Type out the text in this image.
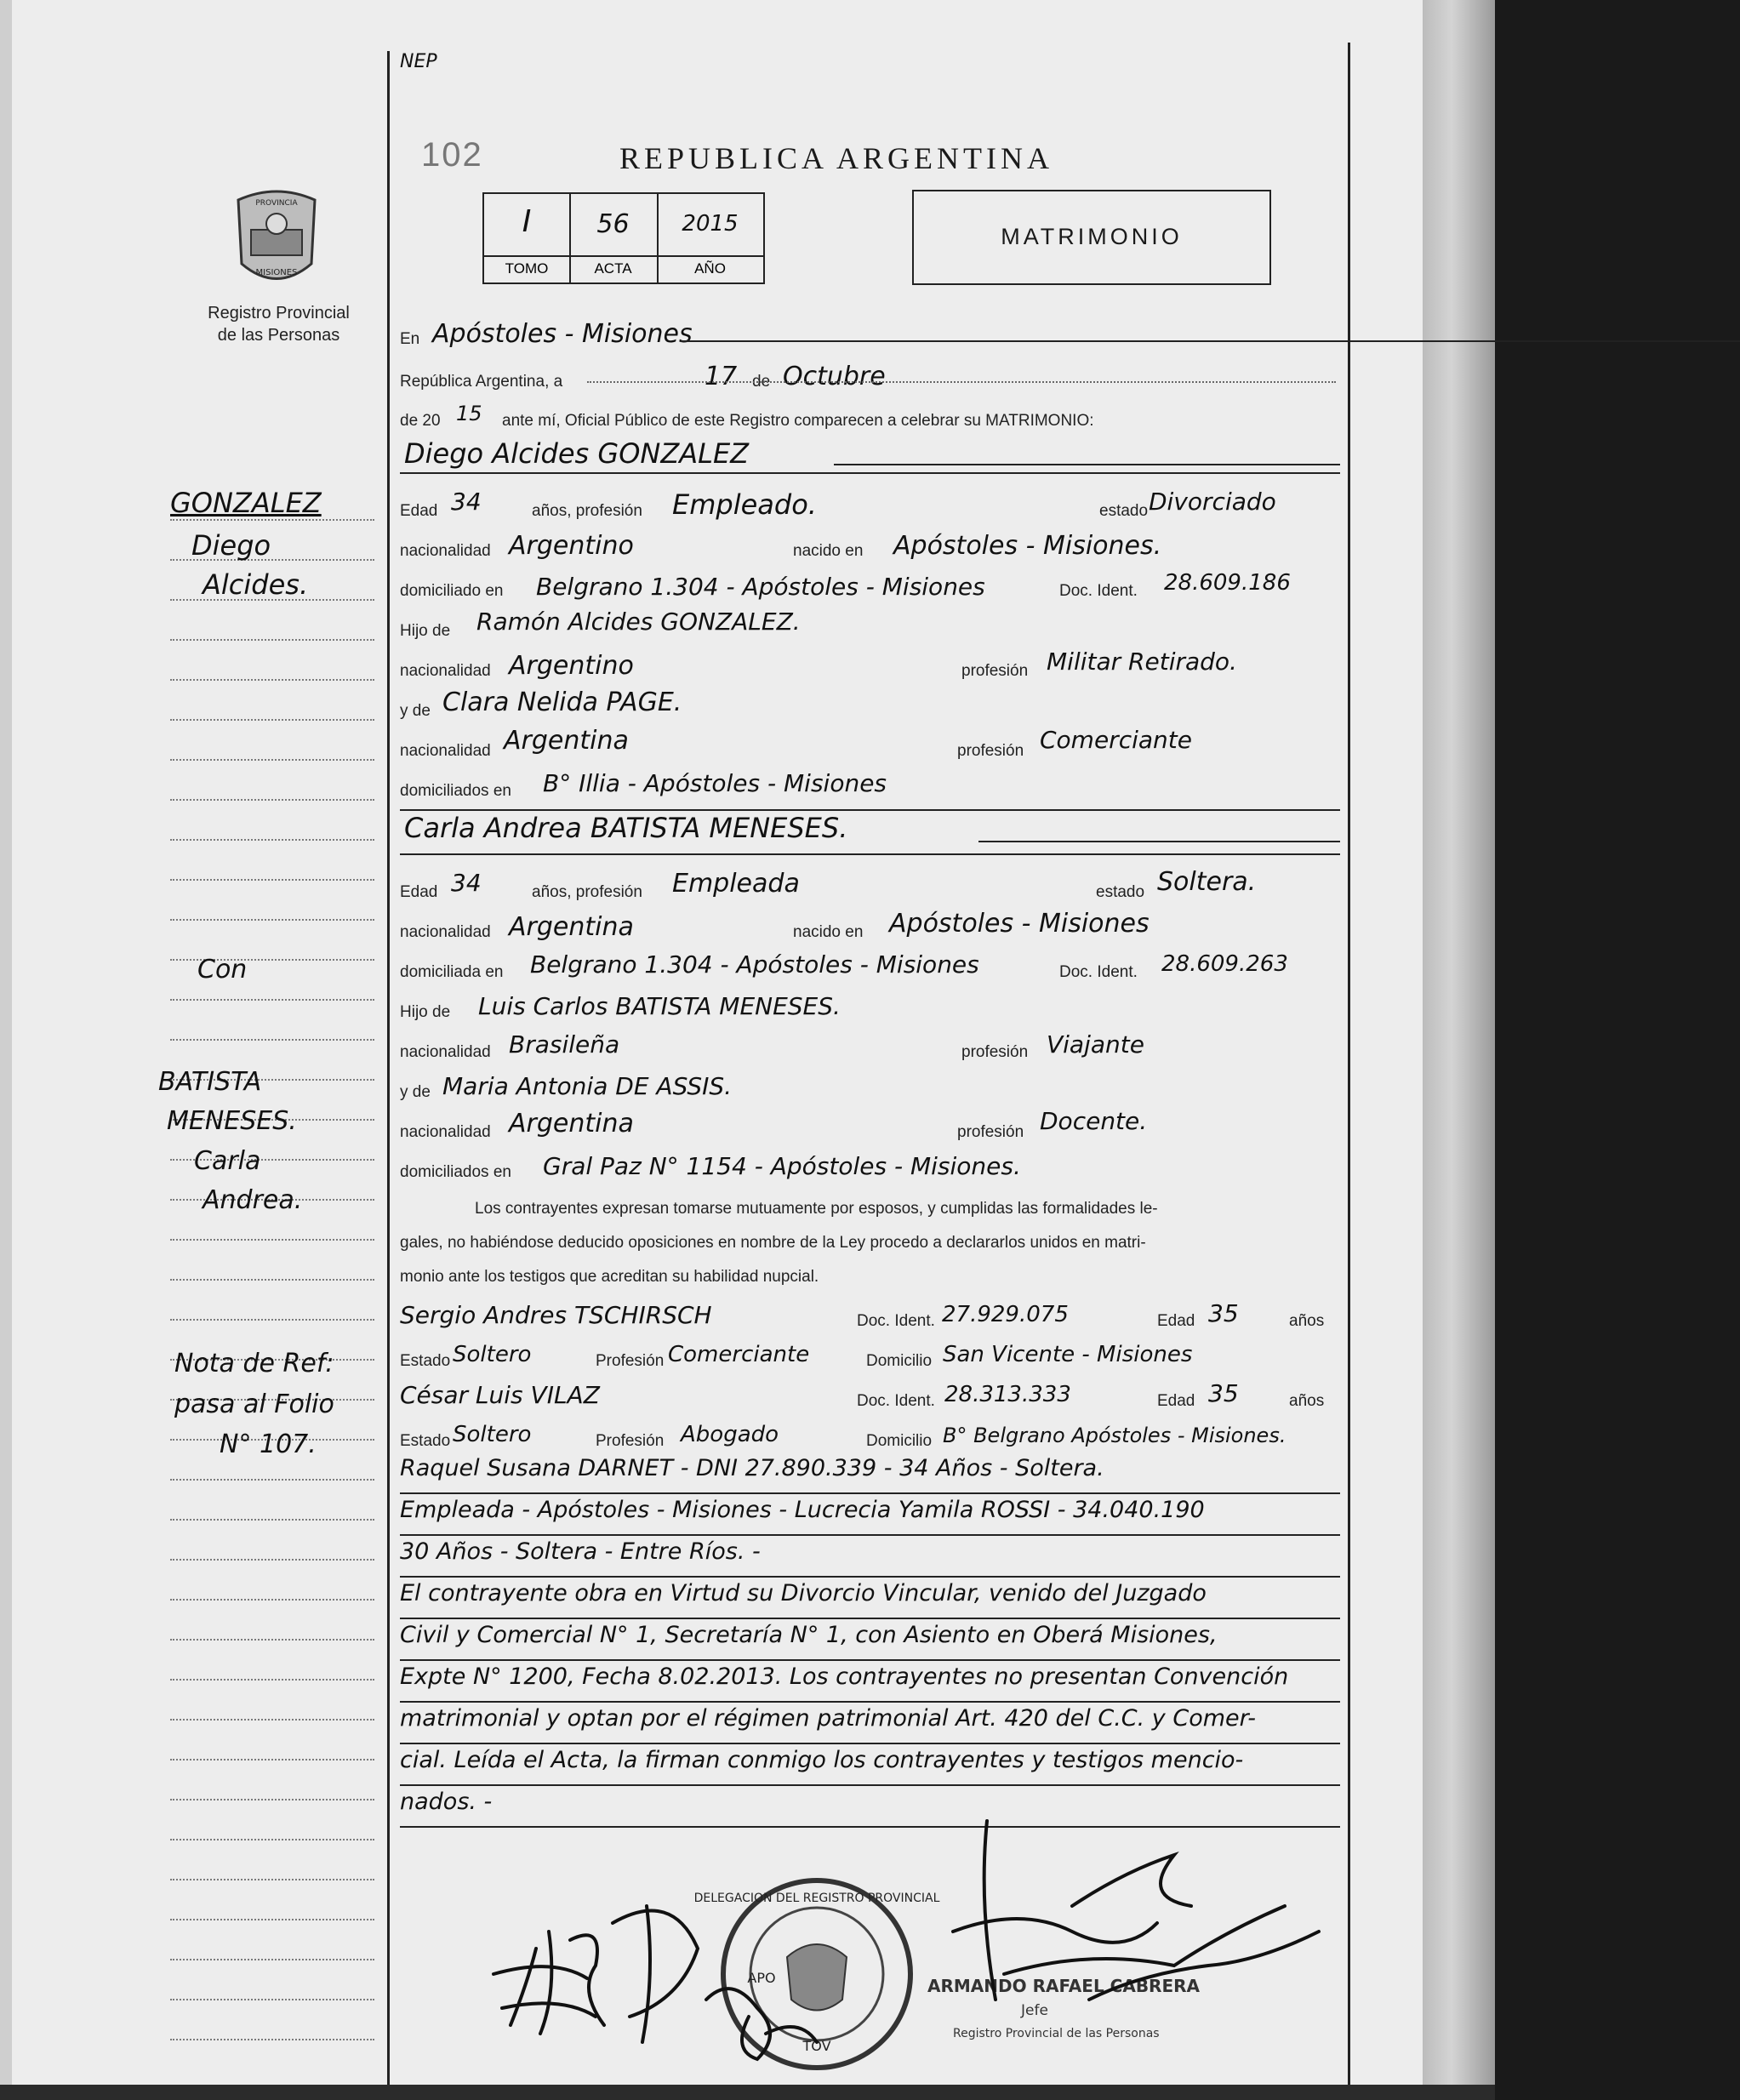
NEP
102	REPUBLICA ARGENTINA
PROVINCIA
MISIONES
Registro Provincial
de las Personas
I	56	2015
TOMO	ACTA	AÑO
MATRIMONIO
GONZALEZ
Diego
Alcides.
Con
BATISTA
MENESES.
Carla
Andrea.
Nota de Ref:
pasa al Folio
N° 107.
En Apóstoles - Misiones
República Argentina, a	17 de Octubre
de 20 15 ante mí, Oficial Público de este Registro comparecen a celebrar su MATRIMONIO:
Diego Alcides GONZALEZ
Edad 34	años, profesión Empleado.	estado Divorciado
nacionalidad Argentino	nacido en Apóstoles - Misiones.
domiciliado en Belgrano 1.304 - Apóstoles - Misiones	Doc. Ident. 28.609.186
Hijo de Ramón Alcides GONZALEZ.
nacionalidad Argentino	profesión Militar Retirado.
y de Clara Nelida PAGE.
nacionalidad Argentina	profesión Comerciante
domiciliados en B° Illia - Apóstoles - Misiones
Carla Andrea BATISTA MENESES.
Edad 34	años, profesión Empleada	estado Soltera.
nacionalidad Argentina	nacido en Apóstoles - Misiones
domiciliada en Belgrano 1.304 - Apóstoles - Misiones	Doc. Ident. 28.609.263
Hijo de Luis Carlos BATISTA MENESES.
nacionalidad Brasileña	profesión Viajante
y de Maria Antonia DE ASSIS.
nacionalidad Argentina	profesión Docente.
domiciliados en Gral Paz N° 1154 - Apóstoles - Misiones.
Los contrayentes expresan tomarse mutuamente por esposos, y cumplidas las formalidades le-
gales, no habiéndose deducido oposiciones en nombre de la Ley procedo a declararlos unidos en matri-
monio ante los testigos que acreditan su habilidad nupcial.
Sergio Andres TSCHIRSCH	Doc. Ident. 27.929.075	Edad 35	años
Estado Soltero	Profesión Comerciante	Domicilio San Vicente - Misiones
César Luis VILAZ	Doc. Ident. 28.313.333	Edad 35	años
Estado Soltero	Profesión Abogado	Domicilio B° Belgrano Apóstoles - Misiones.
Raquel Susana DARNET - DNI 27.890.339 - 34 Años - Soltera.
Empleada - Apóstoles - Misiones - Lucrecia Yamila ROSSI - 34.040.190
30 Años - Soltera - Entre Ríos. -
El contrayente obra en Virtud su Divorcio Vincular, venido del Juzgado
Civil y Comercial N° 1, Secretaría N° 1, con Asiento en Oberá Misiones,
Expte N° 1200, Fecha 8.02.2013. Los contrayentes no presentan Convención
matrimonial y optan por el régimen patrimonial Art. 420 del C.C. y Comer-
cial. Leída el Acta, la firman conmigo los contrayentes y testigos mencio-
nados. -
DELEGACION DEL REGISTRO PROVINCIAL
APO
TOV
ARMANDO RAFAEL CABRERA
Jefe
Registro Provincial de las Personas
